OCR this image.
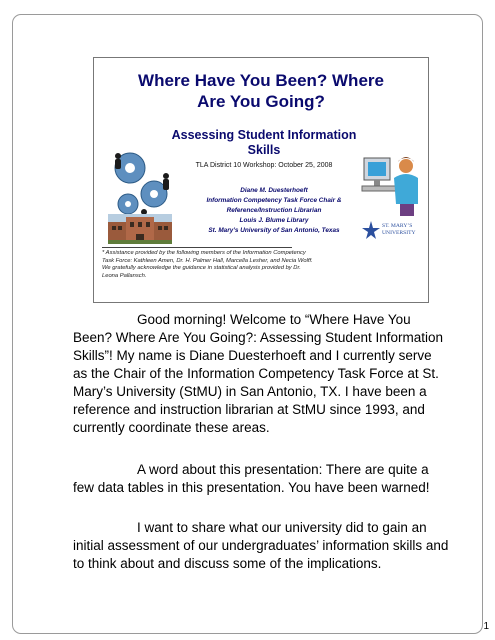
Where Have You Been? Where
Are You Going?
Assessing Student Information
Skills
TLA District 10 Workshop: October 25, 2008
ST. MARY’S
UNIVERSITY
Diane M. Duesterhoeft
Information Competency Task Force Chair &
Reference/Instruction Librarian
Louis J. Blume Library
St. Mary’s University of San Antonio, Texas
* Assistance provided by the following members of the Information Competency
Task Force: Kathleen Amen, Dr. H. Palmer Hall, Marcella Lesher, and Necia Wolff.
We gratefully acknowledge the guidance in statistical analysis provided by Dr.
Leona Pallansch.

Good morning! Welcome to “Where Have You

Been? Where Are You Going?: Assessing Student Information
Skills”! My name is Diane Duesterhoeft and I currently serve
as the Chair of the Information Competency Task Force at St.
Mary’s University (StMU) in San Antonio, TX. I have been a
reference and instruction librarian at StMU since 1993, and
currently coordinate these areas.

A word about this presentation: There are quite a

few data tables in this presentation. You have been warned!

I want to share what our university did to gain an

initial assessment of our undergraduates’ information skills and
to think about and discuss some of the implications.
1
